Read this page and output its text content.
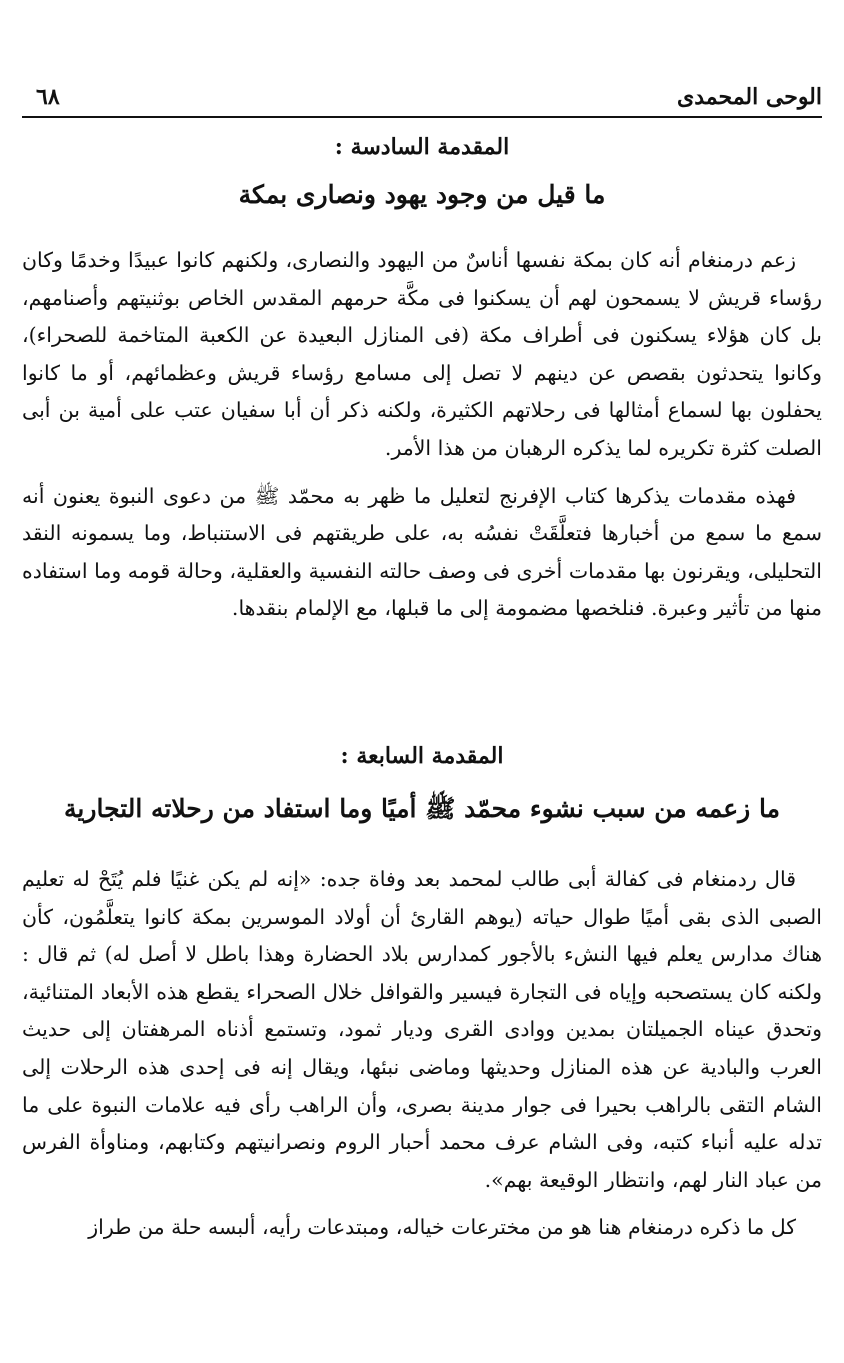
الوحى المحمدى
٦٨
المقدمة السادسة :
ما قيل من وجود يهود ونصارى بمكة

زعم درمنغام أنه كان بمكة نفسها أناسٌ من اليهود والنصارى، ولكنهم كانوا عبيدًا وخدمًا وكان رؤساء قريش لا يسمحون لهم أن يسكنوا فى مكَّة حرمهم المقدس الخاص بوثنيتهم وأصنامهم، بل كان هؤلاء يسكنون فى أطراف مكة (فى المنازل البعيدة عن الكعبة المتاخمة للصحراء)، وكانوا يتحدثون بقصص عن دينهم لا تصل إلى مسامع رؤساء قريش وعظمائهم، أو ما كانوا يحفلون بها لسماع أمثالها فى رحلاتهم الكثيرة، ولكنه ذكر أن أبا سفيان عتب على أمية بن أبى الصلت كثرة تكريره لما يذكره الرهبان من هذا الأمر.

فهذه مقدمات يذكرها كتاب الإفرنج لتعليل ما ظهر به محمّد ﷺ من دعوى النبوة يعنون أنه سمع ما سمع من أخبارها فتعلَّقَتْ نفسُه به، على طريقتهم فى الاستنباط، وما يسمونه النقد التحليلى، ويقرنون بها مقدمات أخرى فى وصف حالته النفسية والعقلية، وحالة قومه وما استفاده منها من تأثير وعبرة. فنلخصها مضمومة إلى ما قبلها، مع الإلمام بنقدها.

المقدمة السابعة :
ما زعمه من سبب نشوء محمّد ﷺ أميًا وما استفاد من رحلاته التجارية

قال ردمنغام فى كفالة أبى طالب لمحمد بعد وفاة جده: «إنه لم يكن غنيًا فلم يُتَحْ له تعليم الصبى الذى بقى أميًا طوال حياته (يوهم القارئ أن أولاد الموسرين بمكة كانوا يتعلَّمُون، كأن هناك مدارس يعلم فيها النشء بالأجور كمدارس بلاد الحضارة وهذا باطل لا أصل له) ثم قال : ولكنه كان يستصحبه وإياه فى التجارة فيسير والقوافل خلال الصحراء يقطع هذه الأبعاد المتنائية، وتحدق عيناه الجميلتان بمدين ووادى القرى وديار ثمود، وتستمع أذناه المرهفتان إلى حديث العرب والبادية عن هذه المنازل وحديثها وماضى نبئها، ويقال إنه فى إحدى هذه الرحلات إلى الشام التقى بالراهب بحيرا فى جوار مدينة بصرى، وأن الراهب رأى فيه علامات النبوة على ما تدله عليه أنباء كتبه، وفى الشام عرف محمد أحبار الروم ونصرانيتهم وكتابهم، ومناوأة الفرس من عباد النار لهم، وانتظار الوقيعة بهم».

كل ما ذكره درمنغام هنا هو من مخترعات خياله، ومبتدعات رأيه، ألبسه حلة من طراز
